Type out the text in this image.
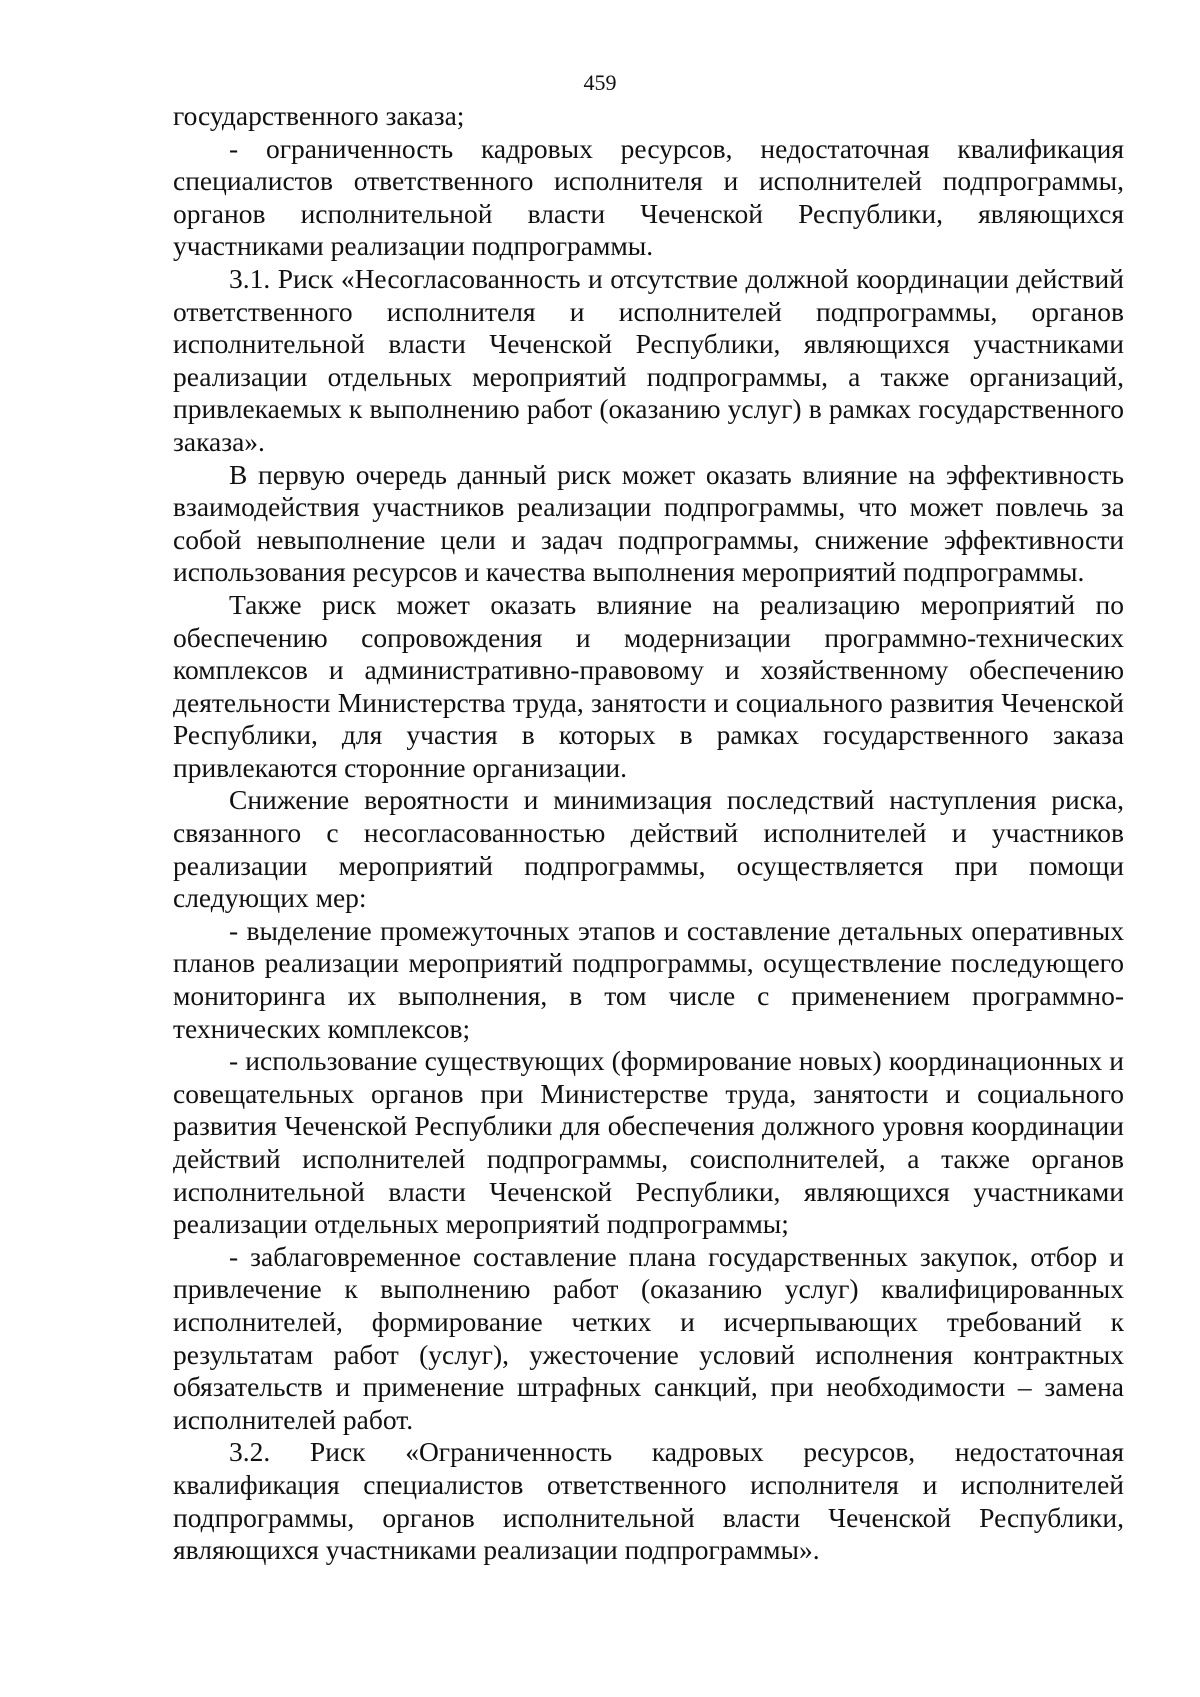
459

государственного заказа;

- ограниченность кадровых ресурсов, недостаточная квалификация специалистов ответственного исполнителя и исполнителей подпрограммы, органов исполнительной власти Чеченской Республики, являющихся участниками реализации подпрограммы.

3.1. Риск «Несогласованность и отсутствие должной координации действий ответственного исполнителя и исполнителей подпрограммы, органов исполнительной власти Чеченской Республики, являющихся участниками реализации отдельных мероприятий подпрограммы, а также организаций, привлекаемых к выполнению работ (оказанию услуг) в рамках государственного заказа».

В первую очередь данный риск может оказать влияние на эффективность взаимодействия участников реализации подпрограммы, что может повлечь за собой невыполнение цели и задач подпрограммы, снижение эффективности использования ресурсов и качества выполнения мероприятий подпрограммы.

Также риск может оказать влияние на реализацию мероприятий по обеспечению сопровождения и модернизации программно-технических комплексов и административно-правовому и хозяйственному обеспечению деятельности Министерства труда, занятости и социального развития Чеченской Республики, для участия в которых в рамках государственного заказа привлекаются сторонние организации.

Снижение вероятности и минимизация последствий наступления риска, связанного с несогласованностью действий исполнителей и участников реализации мероприятий подпрограммы, осуществляется при помощи следующих мер:

- выделение промежуточных этапов и составление детальных оперативных планов реализации мероприятий подпрограммы, осуществление последующего мониторинга их выполнения, в том числе с применением программно-технических комплексов;

- использование существующих (формирование новых) координационных и совещательных органов при Министерстве труда, занятости и социального развития Чеченской Республики для обеспечения должного уровня координации действий исполнителей подпрограммы, соисполнителей, а также органов исполнительной власти Чеченской Республики, являющихся участниками реализации отдельных мероприятий подпрограммы;

- заблаговременное составление плана государственных закупок, отбор и привлечение к выполнению работ (оказанию услуг) квалифицированных исполнителей, формирование четких и исчерпывающих требований к результатам работ (услуг), ужесточение условий исполнения контрактных обязательств и применение штрафных санкций, при необходимости – замена исполнителей работ.

3.2. Риск «Ограниченность кадровых ресурсов, недостаточная квалификация специалистов ответственного исполнителя и исполнителей подпрограммы, органов исполнительной власти Чеченской Республики, являющихся участниками реализации подпрограммы».
